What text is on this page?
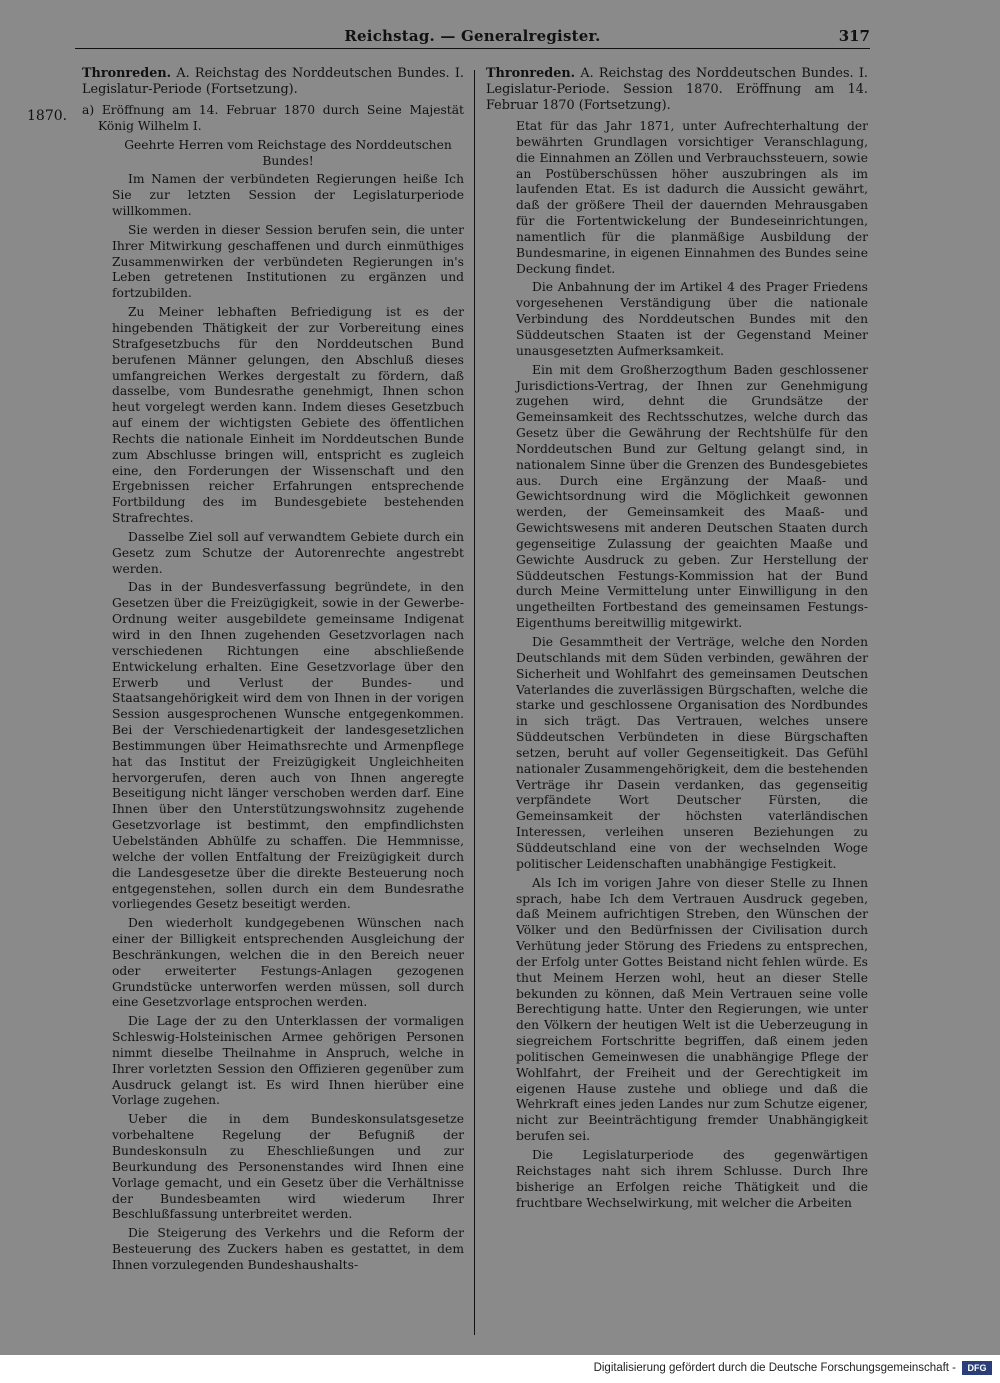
Reichstag. — Generalregister.	317
1870.
Thronreden. A. Reichstag des Norddeutschen Bundes. I. Legislatur-Periode (Fortsetzung).
a) Eröffnung am 14. Februar 1870 durch Seine Majestät König Wilhelm I.

Geehrte Herren vom Reichstage des Norddeutschen Bundes!

Im Namen der verbündeten Regierungen heiße Ich Sie zur letzten Session der Legislaturperiode willkommen.

Sie werden in dieser Session berufen sein, die unter Ihrer Mitwirkung geschaffenen und durch einmüthiges Zusammenwirken der verbündeten Regierungen in's Leben getretenen Institutionen zu ergänzen und fortzubilden.

Zu Meiner lebhaften Befriedigung ist es der hingebenden Thätigkeit der zur Vorbereitung eines Strafgesetzbuchs für den Norddeutschen Bund berufenen Männer gelungen, den Abschluß dieses umfangreichen Werkes dergestalt zu fördern, daß dasselbe, vom Bundesrathe genehmigt, Ihnen schon heut vorgelegt werden kann. Indem dieses Gesetzbuch auf einem der wichtigsten Gebiete des öffentlichen Rechts die nationale Einheit im Norddeutschen Bunde zum Abschlusse bringen will, entspricht es zugleich eine, den Forderungen der Wissenschaft und den Ergebnissen reicher Erfahrungen entsprechende Fortbildung des im Bundesgebiete bestehenden Strafrechtes.

Dasselbe Ziel soll auf verwandtem Gebiete durch ein Gesetz zum Schutze der Autorenrechte angestrebt werden.

Das in der Bundesverfassung begründete, in den Gesetzen über die Freizügigkeit, sowie in der Gewerbe-Ordnung weiter ausgebildete gemeinsame Indigenat wird in den Ihnen zugehenden Gesetzvorlagen nach verschiedenen Richtungen eine abschließende Entwickelung erhalten. Eine Gesetzvorlage über den Erwerb und Verlust der Bundes- und Staatsangehörigkeit wird dem von Ihnen in der vorigen Session ausgesprochenen Wunsche entgegenkommen. Bei der Verschiedenartigkeit der landesgesetzlichen Bestimmungen über Heimathsrechte und Armenpflege hat das Institut der Freizügigkeit Ungleichheiten hervorgerufen, deren auch von Ihnen angeregte Beseitigung nicht länger verschoben werden darf. Eine Ihnen über den Unterstützungswohnsitz zugehende Gesetzvorlage ist bestimmt, den empfindlichsten Uebelständen Abhülfe zu schaffen. Die Hemmnisse, welche der vollen Entfaltung der Freizügigkeit durch die Landesgesetze über die direkte Besteuerung noch entgegenstehen, sollen durch ein dem Bundesrathe vorliegendes Gesetz beseitigt werden.

Den wiederholt kundgegebenen Wünschen nach einer der Billigkeit entsprechenden Ausgleichung der Beschränkungen, welchen die in den Bereich neuer oder erweiterter Festungs-Anlagen gezogenen Grundstücke unterworfen werden müssen, soll durch eine Gesetzvorlage entsprochen werden.

Die Lage der zu den Unterklassen der vormaligen Schleswig-Holsteinischen Armee gehörigen Personen nimmt dieselbe Theilnahme in Anspruch, welche in Ihrer vorletzten Session den Offizieren gegenüber zum Ausdruck gelangt ist. Es wird Ihnen hierüber eine Vorlage zugehen.

Ueber die in dem Bundeskonsulatsgesetze vorbehaltene Regelung der Befugniß der Bundeskonsuln zu Eheschließungen und zur Beurkundung des Personenstandes wird Ihnen eine Vorlage gemacht, und ein Gesetz über die Verhältnisse der Bundesbeamten wird wiederum Ihrer Beschlußfassung unterbreitet werden.

Die Steigerung des Verkehrs und die Reform der Besteuerung des Zuckers haben es gestattet, in dem Ihnen vorzulegenden Bundeshaushalts-

Thronreden. A. Reichstag des Norddeutschen Bundes. I. Legislatur-Periode. Session 1870. Eröffnung am 14. Februar 1870 (Fortsetzung).

Etat für das Jahr 1871, unter Aufrechterhaltung der bewährten Grundlagen vorsichtiger Veranschlagung, die Einnahmen an Zöllen und Verbrauchssteuern, sowie an Postüberschüssen höher auszubringen als im laufenden Etat. Es ist dadurch die Aussicht gewährt, daß der größere Theil der dauernden Mehrausgaben für die Fortentwickelung der Bundeseinrichtungen, namentlich für die planmäßige Ausbildung der Bundesmarine, in eigenen Einnahmen des Bundes seine Deckung findet.

Die Anbahnung der im Artikel 4 des Prager Friedens vorgesehenen Verständigung über die nationale Verbindung des Norddeutschen Bundes mit den Süddeutschen Staaten ist der Gegenstand Meiner unausgesetzten Aufmerksamkeit.

Ein mit dem Großherzogthum Baden geschlossener Jurisdictions-Vertrag, der Ihnen zur Genehmigung zugehen wird, dehnt die Grundsätze der Gemeinsamkeit des Rechtsschutzes, welche durch das Gesetz über die Gewährung der Rechtshülfe für den Norddeutschen Bund zur Geltung gelangt sind, in nationalem Sinne über die Grenzen des Bundesgebietes aus. Durch eine Ergänzung der Maaß- und Gewichtsordnung wird die Möglichkeit gewonnen werden, der Gemeinsamkeit des Maaß- und Gewichtswesens mit anderen Deutschen Staaten durch gegenseitige Zulassung der geaichten Maaße und Gewichte Ausdruck zu geben. Zur Herstellung der Süddeutschen Festungs-Kommission hat der Bund durch Meine Vermittelung unter Einwilligung in den ungetheilten Fortbestand des gemeinsamen Festungs-Eigenthums bereitwillig mitgewirkt.

Die Gesammtheit der Verträge, welche den Norden Deutschlands mit dem Süden verbinden, gewähren der Sicherheit und Wohlfahrt des gemeinsamen Deutschen Vaterlandes die zuverlässigen Bürgschaften, welche die starke und geschlossene Organisation des Nordbundes in sich trägt. Das Vertrauen, welches unsere Süddeutschen Verbündeten in diese Bürgschaften setzen, beruht auf voller Gegenseitigkeit. Das Gefühl nationaler Zusammengehörigkeit, dem die bestehenden Verträge ihr Dasein verdanken, das gegenseitig verpfändete Wort Deutscher Fürsten, die Gemeinsamkeit der höchsten vaterländischen Interessen, verleihen unseren Beziehungen zu Süddeutschland eine von der wechselnden Woge politischer Leidenschaften unabhängige Festigkeit.

Als Ich im vorigen Jahre von dieser Stelle zu Ihnen sprach, habe Ich dem Vertrauen Ausdruck gegeben, daß Meinem aufrichtigen Streben, den Wünschen der Völker und den Bedürfnissen der Civilisation durch Verhütung jeder Störung des Friedens zu entsprechen, der Erfolg unter Gottes Beistand nicht fehlen würde. Es thut Meinem Herzen wohl, heut an dieser Stelle bekunden zu können, daß Mein Vertrauen seine volle Berechtigung hatte. Unter den Regierungen, wie unter den Völkern der heutigen Welt ist die Ueberzeugung in siegreichem Fortschritte begriffen, daß einem jeden politischen Gemeinwesen die unabhängige Pflege der Wohlfahrt, der Freiheit und der Gerechtigkeit im eigenen Hause zustehe und obliege und daß die Wehrkraft eines jeden Landes nur zum Schutze eigener, nicht zur Beeinträchtigung fremder Unabhängigkeit berufen sei.

Die Legislaturperiode des gegenwärtigen Reichstages naht sich ihrem Schlusse. Durch Ihre bisherige an Erfolgen reiche Thätigkeit und die fruchtbare Wechselwirkung, mit welcher die Arbeiten

Digitalisierung gefördert durch die Deutsche Forschungsgemeinschaft -	DFG
